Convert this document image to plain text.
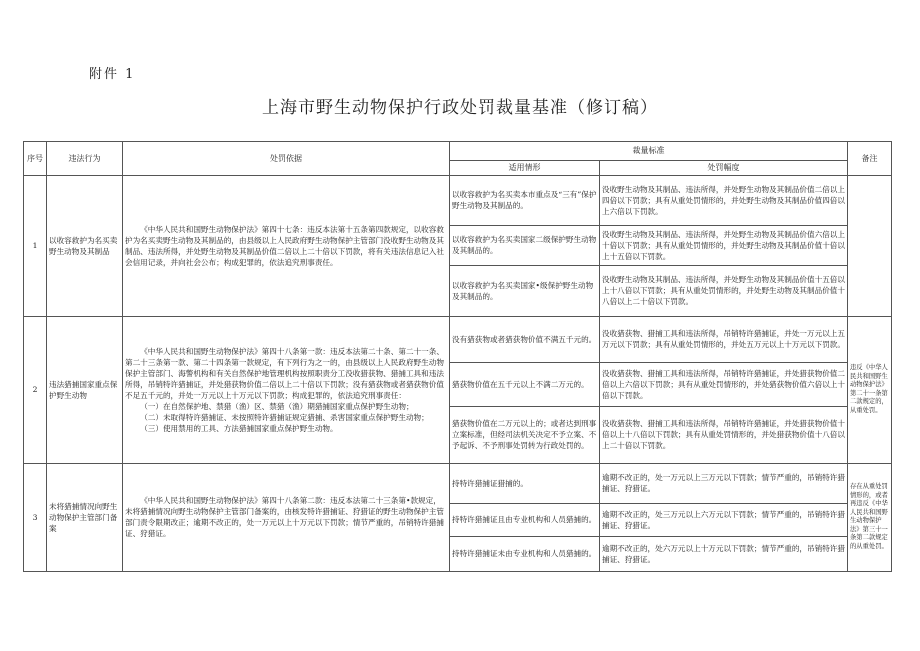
附件 1
上海市野生动物保护行政处罚裁量基准（修订稿）
序号	违法行为	处罚依据	裁量标准		备注
			适用情形	处罚幅度	
1	以收容救护为名买卖野生动物及其制品	《中华人民共和国野生动物保护法》第四十七条：违反本法第十五条第四款规定，以收容救护为名买卖野生动物及其制品的，由县级以上人民政府野生动物保护主管部门没收野生动物及其制品、违法所得，并处野生动物及其制品价值二倍以上二十倍以下罚款，将有关违法信息记入社会信用记录，并向社会公布；构成犯罪的，依法追究刑事责任。	以收容救护为名买卖本市重点及“三有”保护野生动物及其制品的。	没收野生动物及其制品、违法所得，并处野生动物及其制品价值二倍以上四倍以下罚款；具有从重处罚情形的，并处野生动物及其制品价值四倍以上六倍以下罚款。	
			以收容救护为名买卖国家二级保护野生动物及其制品的。	没收野生动物及其制品、违法所得，并处野生动物及其制品价值六倍以上十倍以下罚款；具有从重处罚情形的，并处野生动物及其制品价值十倍以上十五倍以下罚款。	
			以收容救护为名买卖国家•级保护野生动物及其制品的。	没收野生动物及其制品、违法所得，并处野生动物及其制品价值十五倍以上十八倍以下罚款；具有从重处罚情形的，并处野生动物及其制品价值十八倍以上二十倍以下罚款。	
2	违法猎捕国家重点保护野生动物	《中华人民共和国野生动物保护法》第四十八条第一款：违反本法第二十条、第二十一条、第二十三条第一款、第二十四条第一款规定，有下列行为之一的，由县级以上人民政府野生动物保护主管部门、海警机构和有关自然保护地管理机构按照职责分工没收猎获物、猎捕工具和违法所得，吊销特许猎捕证，并处猎获物价值二倍以上二十倍以下罚款；没有猎获物或者猎获物价值不足五千元的，并处一万元以上十万元以下罚款；构成犯罪的，依法追究刑事责任：

（一）在自然保护地、禁猎（渔）区、禁猎（渔）期猎捕国家重点保护野生动物；

（二）未取得特许猎捕证、未按照特许猎捕证规定猎捕、杀害国家重点保护野生动物；

（三）使用禁用的工具、方法猎捕国家重点保护野生动物。	没有猎获物或者猎获物价值不满五千元的。	没收猎获物、猎捕工具和违法所得，吊销特许猎捕证，并处一万元以上五万元以下罚款；具有从重处罚情形的，并处五万元以上十万元以下罚款。	违反《中华人民共和国野生动物保护法》第二十一条第二款规定的，从重处罚。
			猎获物价值在五千元以上不满二万元的。	没收猎获物、猎捕工具和违法所得，吊销特许猎捕证，并处猎获物价值二倍以上六倍以下罚款；具有从重处罚情形的，并处猎获物价值六倍以上十倍以下罚款。	
			猎获物价值在二万元以上的；或者达到刑事立案标准，但经司法机关决定不予立案、不予起诉、不予刑事处罚转为行政处罚的。	没收猎获物、猎捕工具和违法所得，吊销特许猎捕证，并处猎获物价值十倍以上十八倍以下罚款；具有从重处罚情形的，并处猎获物价值十八倍以上二十倍以下罚款。	
3	未将猎捕情况向野生动物保护主管部门备案	《中华人民共和国野生动物保护法》第四十八条第二款：违反本法第二十三条第•款规定，未将猎捕情况向野生动物保护主管部门备案的，由核发特许猎捕证、狩猎证的野生动物保护主管部门责令限期改正；逾期不改正的，处一万元以上十万元以下罚款；情节严重的，吊销特许猎捕证、狩猎证。	持特许猎捕证猎捕的。	逾期不改正的，处一万元以上三万元以下罚款；情节严重的，吊销特许猎捕证、狩猎证。	存在从重处罚情形的，或者再违反《中华人民共和国野生动物保护法》第三十一条第二款规定的从重处罚。
			持特许猎捕证且由专业机构和人员猎捕的。	逾期不改正的，处三万元以上六万元以下罚款；情节严重的，吊销特许猎捕证、狩猎证。	
			持特许猎捕证未由专业机构和人员猎捕的。	逾期不改正的，处六万元以上十万元以下罚款；情节严重的，吊销特许猎捕证、狩猎证。	
